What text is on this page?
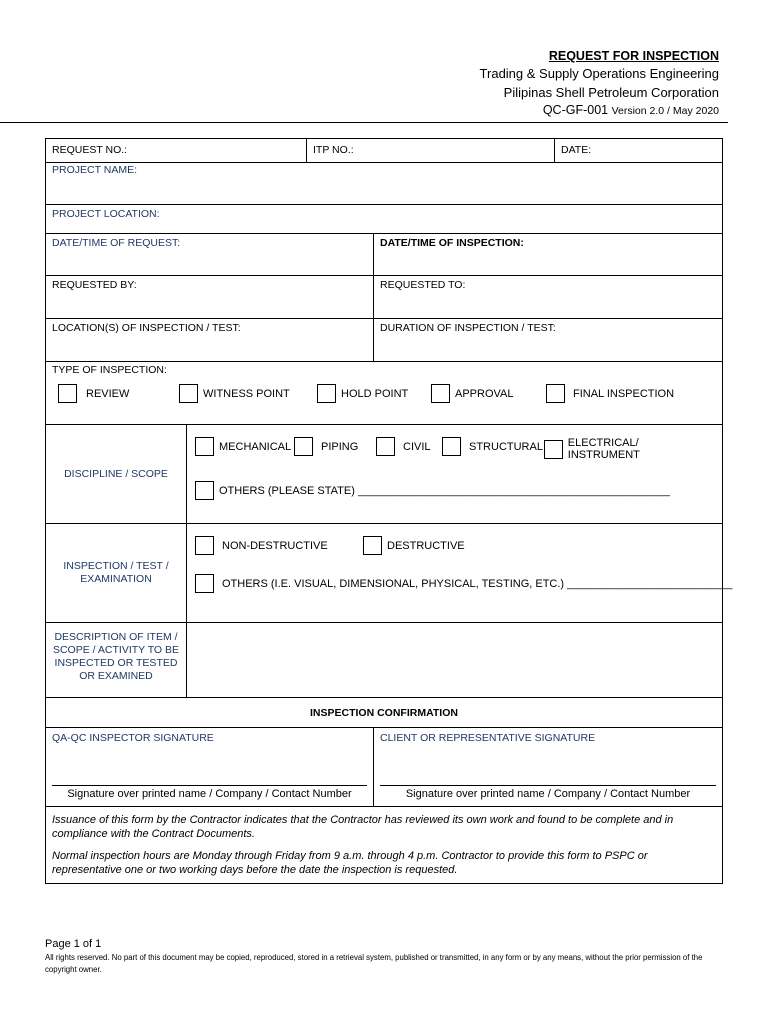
REQUEST FOR INSPECTION
Trading & Supply Operations Engineering
Pilipinas Shell Petroleum Corporation
QC-GF-001 Version 2.0 / May 2020
REQUEST NO.:	ITP NO.:	DATE:
PROJECT NAME:
PROJECT LOCATION:
DATE/TIME OF REQUEST:	DATE/TIME OF INSPECTION:
REQUESTED BY:	REQUESTED TO:
LOCATION(S) OF INSPECTION / TEST:	DURATION OF INSPECTION / TEST:
TYPE OF INSPECTION:
REVIEW	WITNESS POINT	HOLD POINT	APPROVAL	FINAL INSPECTION
DISCIPLINE / SCOPE
MECHANICAL	PIPING	CIVIL	STRUCTURAL ELECTRICAL/ INSTRUMENT
OTHERS (PLEASE STATE) ___________________________________________________
INSPECTION / TEST / EXAMINATION
NON-DESTRUCTIVE	DESTRUCTIVE
OTHERS (I.E. VISUAL, DIMENSIONAL, PHYSICAL, TESTING, ETC.) ___________________________
DESCRIPTION OF ITEM / SCOPE / ACTIVITY TO BE INSPECTED OR TESTED OR EXAMINED
INSPECTION CONFIRMATION
QA-QC INSPECTOR SIGNATURE
Signature over printed name / Company / Contact Number
CLIENT OR REPRESENTATIVE SIGNATURE
Signature over printed name / Company / Contact Number

Issuance of this form by the Contractor indicates that the Contractor has reviewed its own work and found to be complete and in compliance with the Contract Documents.

Normal inspection hours are Monday through Friday from 9 a.m. through 4 p.m. Contractor to provide this form to PSPC or representative one or two working days before the date the inspection is requested.

Page 1 of 1
All rights reserved. No part of this document may be copied, reproduced, stored in a retrieval system, published or transmitted, in any form or by any means, without the prior permission of the copyright owner.
